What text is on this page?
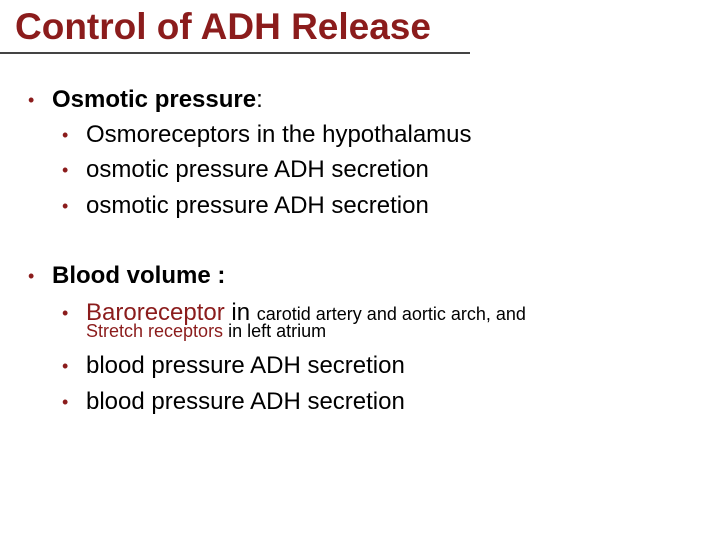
Control of ADH Release
• Osmotic pressure:
• Osmoreceptors in the hypothalamus
• osmotic pressure ADH secretion
• osmotic pressure ADH secretion
• Blood volume :
• Baroreceptor in carotid artery and aortic arch, and
Stretch receptors in left atrium
• blood pressure ADH secretion
• blood pressure ADH secretion
